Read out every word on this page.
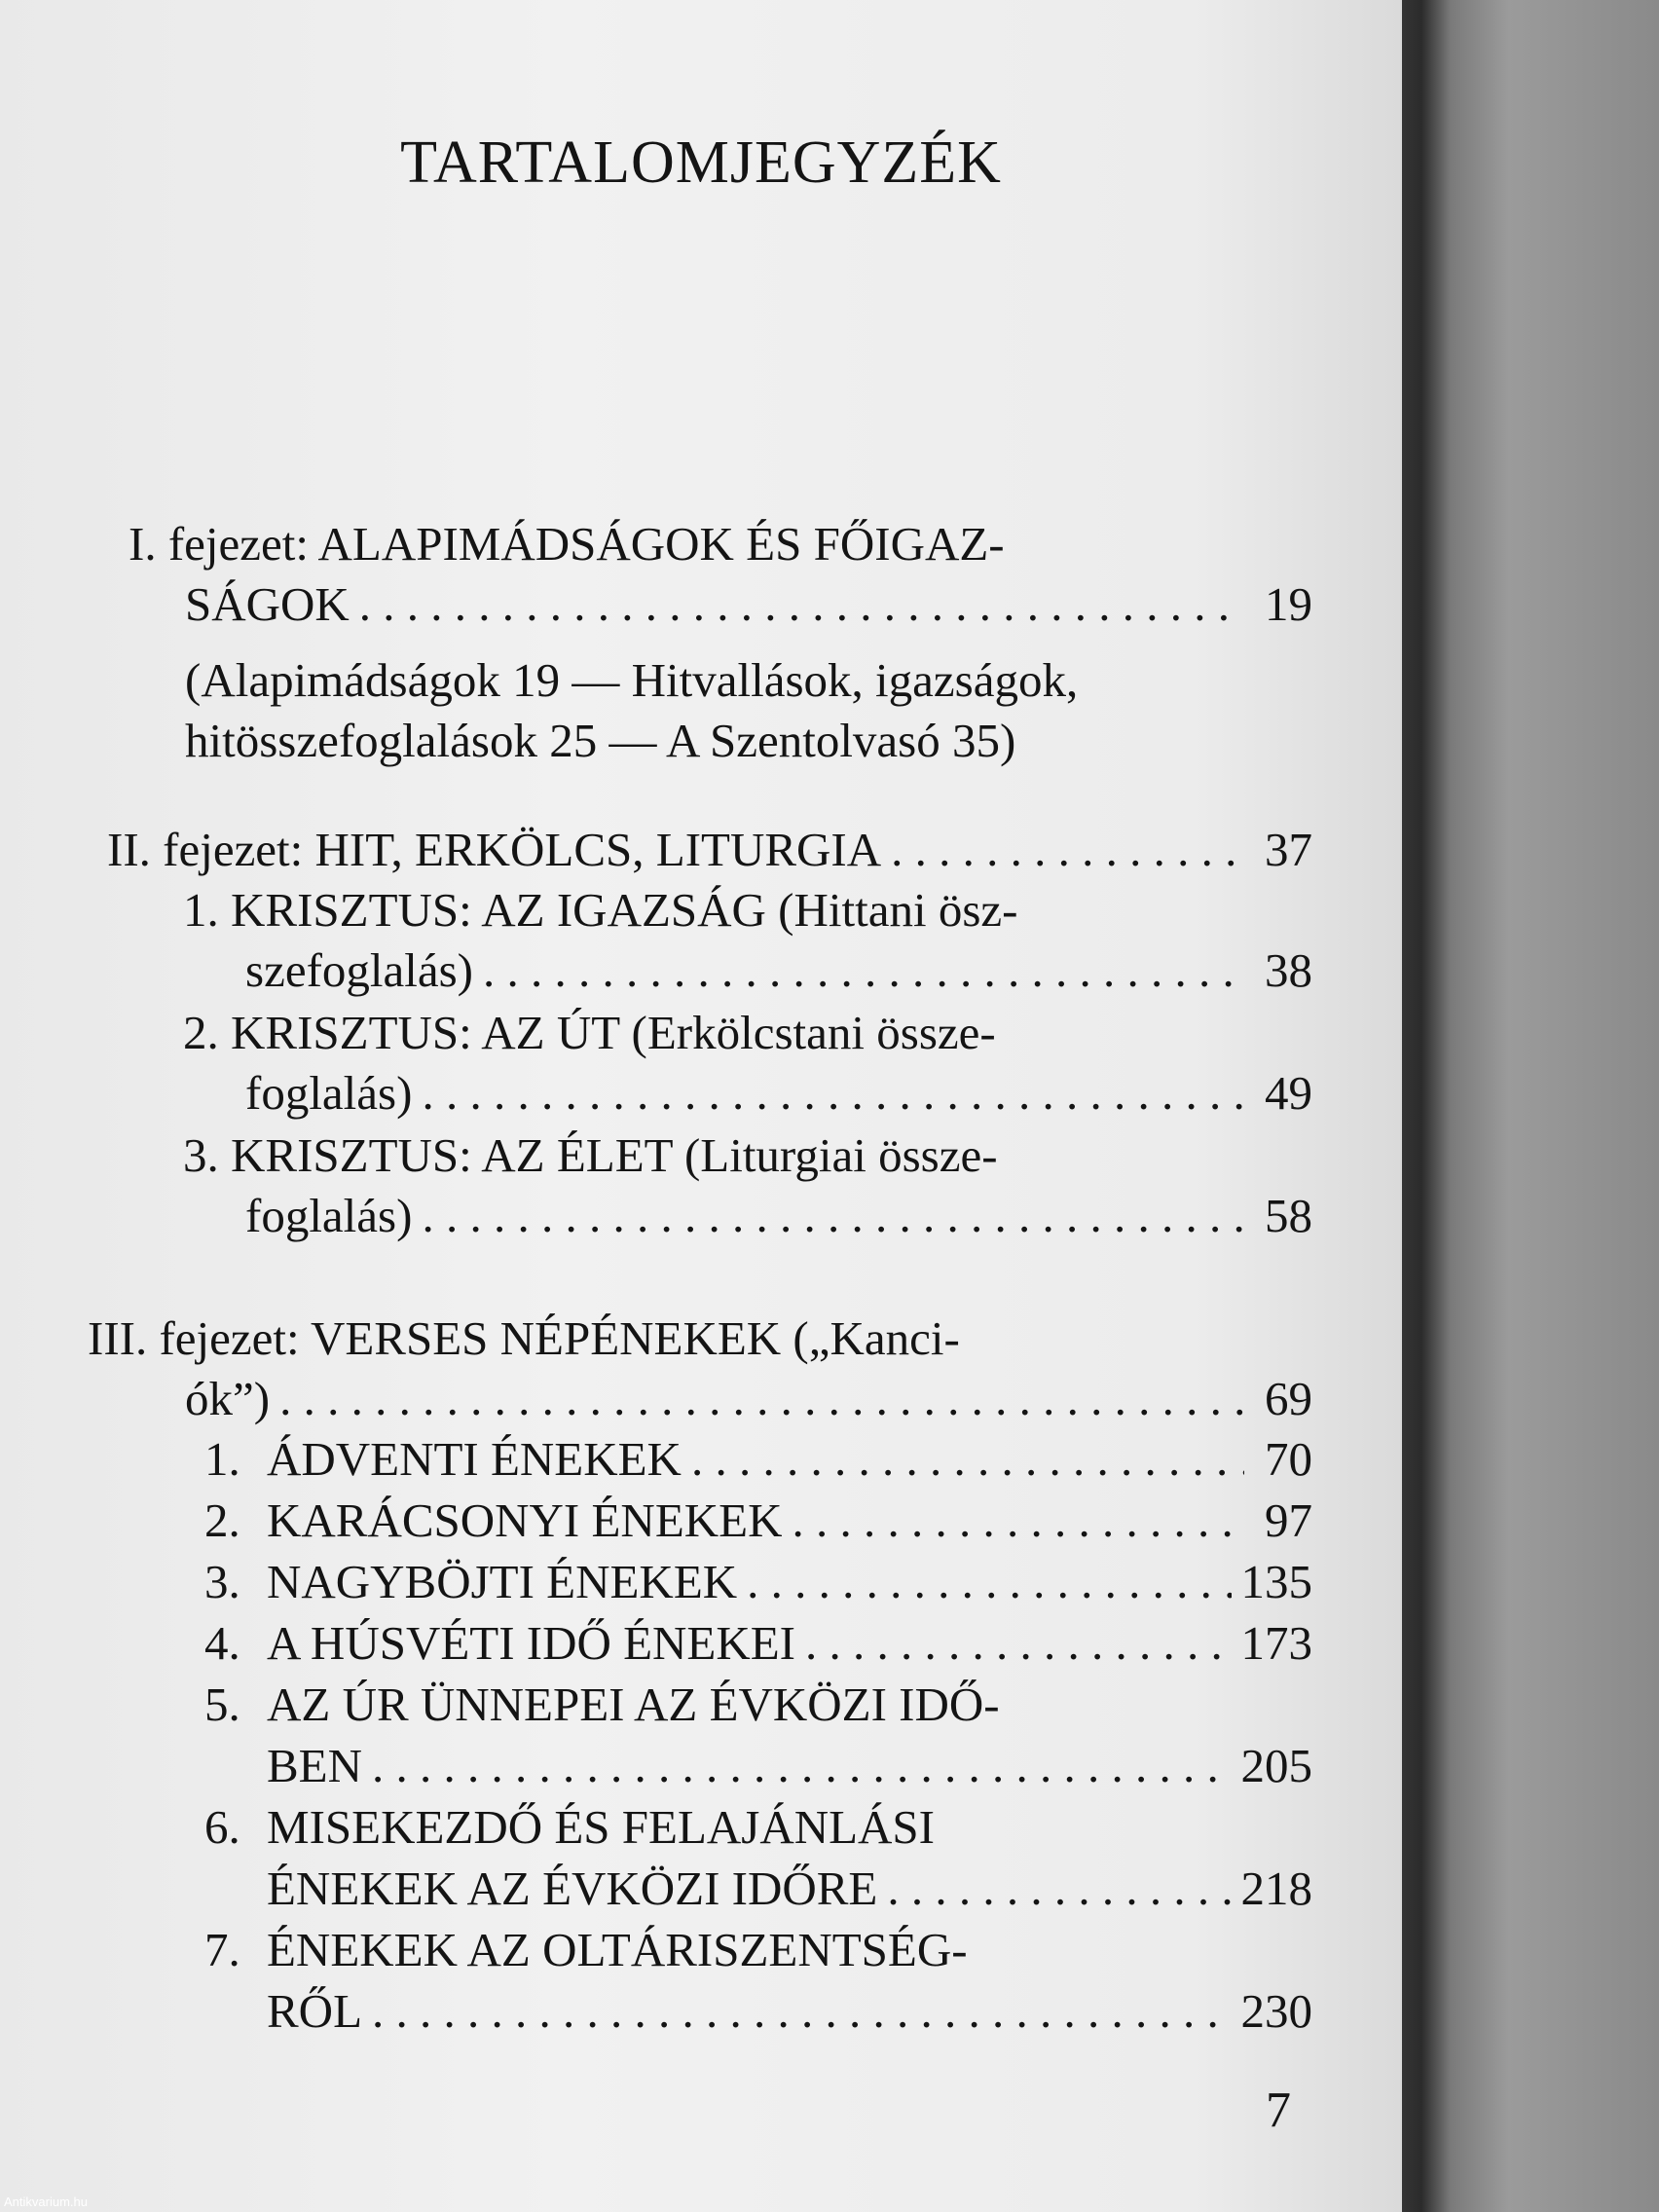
TARTALOMJEGYZÉK
I. fejezet: ALAPIMÁDSÁGOK ÉS FŐIGAZ-
SÁGOK . . .	19
(Alapimádságok 19 — Hitvallások, igazságok,
hitösszefoglalások 25 — A Szentolvasó 35)
II. fejezet: HIT, ERKÖLCS, LITURGIA . . .	37
1. KRISZTUS: AZ IGAZSÁG (Hittani ösz-
szefoglalás) . . .	38
2. KRISZTUS: AZ ÚT (Erkölcstani össze-
foglalás) . . .	49
3. KRISZTUS: AZ ÉLET (Liturgiai össze-
foglalás) . . .	58
III. fejezet: VERSES NÉPÉNEKEK („Kanci-
ók”) . . .	69
1. ÁDVENTI ÉNEKEK . . .	70
2. KARÁCSONYI ÉNEKEK . . .	97
3. NAGYBÖJTI ÉNEKEK . . .	135
4. A HÚSVÉTI IDŐ ÉNEKEI . . .	173
5. AZ ÚR ÜNNEPEI AZ ÉVKÖZI IDŐ-
BEN . . .	205
6. MISEKEZDŐ ÉS FELAJÁNLÁSI
ÉNEKEK AZ ÉVKÖZI IDŐRE . . .	218
7. ÉNEKEK AZ OLTÁRISZENTSÉG-
RŐL . . .	230
7
Antikvarium.hu
